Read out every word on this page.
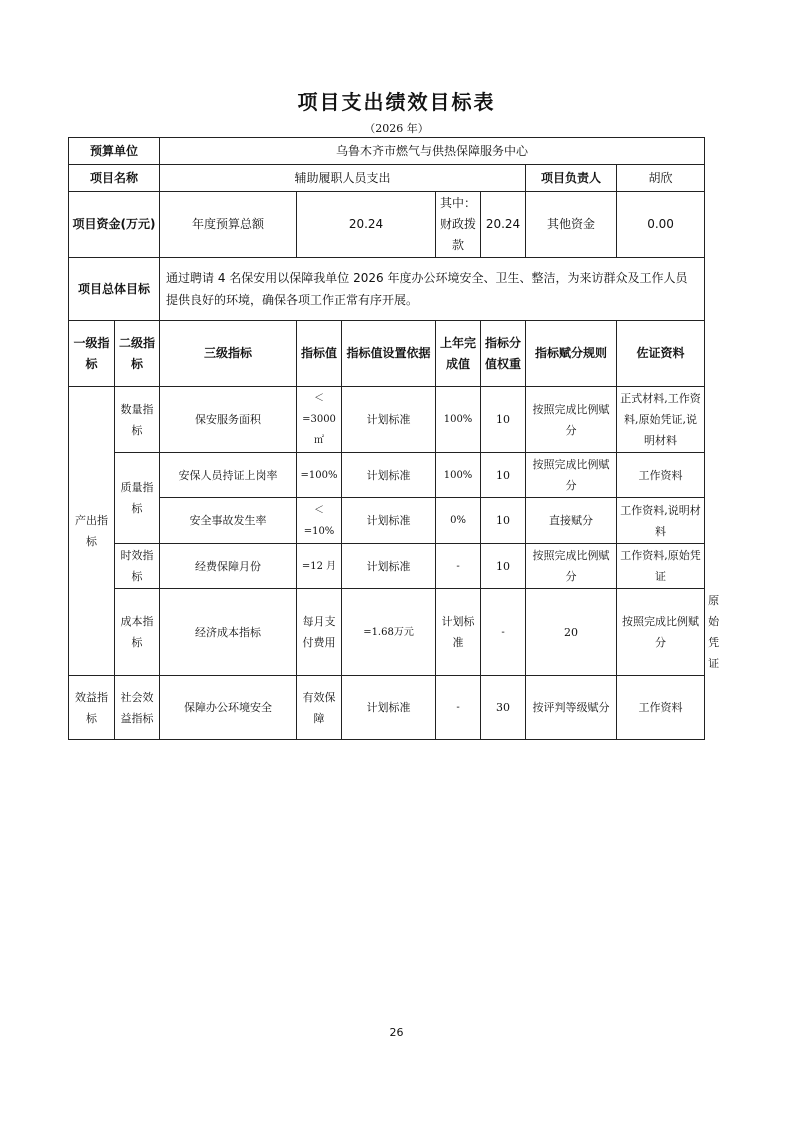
项目支出绩效目标表
（2026 年）
预算单位		乌鲁木齐市燃气与供热保障服务中心							
项目名称		辅助履职人员支出					项目负责人	胡欣	
项目资金(万元)		年度预算总额	20.24		其中：财政拨款	20.24	其他资金	0.00	
项目总体目标		通过聘请 4 名保安用以保障我单位 2026 年度办公环境安全、卫生、整洁，为来访群众及工作人员提供良好的环境，确保各项工作正常有序开展。							
一级指标	二级指标	三级指标	指标值	指标值设置依据	上年完成值	指标分值权重	指标赋分规则	佐证资料	
产出指标	数量指标	保安服务面积	＜=3000㎡	计划标准	100%	10	按照完成比例赋分	正式材料,工作资料,原始凭证,说明材料	
	质量指标	安保人员持证上岗率	=100%	计划标准	100%	10	按照完成比例赋分	工作资料	
		安全事故发生率	＜=10%	计划标准	0%	10	直接赋分	工作资料,说明材料	
	时效指标	经费保障月份	=12 月	计划标准	-	10	按照完成比例赋分	工作资料,原始凭证	
	成本指标	经济成本指标	每月支付费用	=1.68万元	计划标准	-	20	按照完成比例赋分	原始凭证
效益指标	社会效益指标	保障办公环境安全	有效保障	计划标准	-	30	按评判等级赋分	工作资料	
26
